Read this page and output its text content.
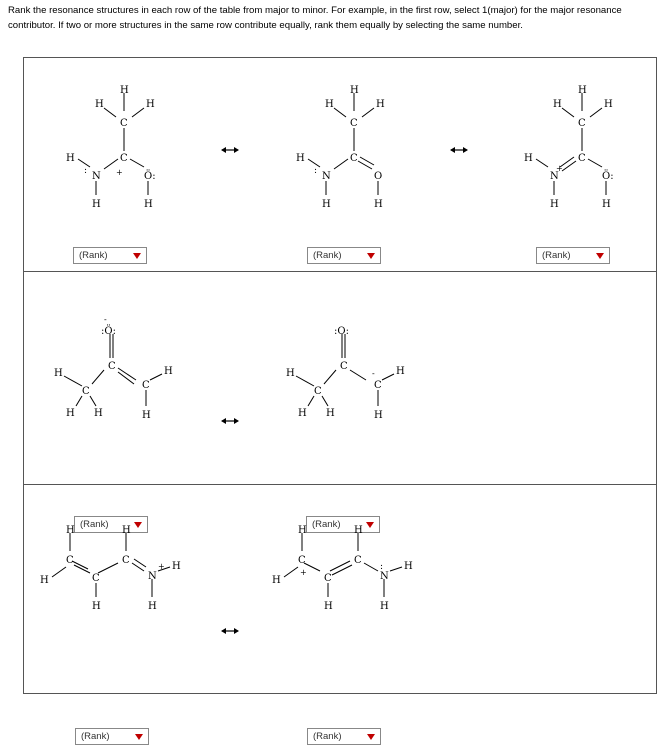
Rank the resonance structures in each row of the table from major to minor. For example, in the first row, select 1(major) for the major resonance contributor. If two or more structures in the same row contribute equally, rank them equally by selecting the same number.
H
H	H
C
C
H
N
:	+ Ö:
H	H
(Rank)
H
H	H
C
C
H
N
:	O
H	H
(Rank)
H
H	H
C
C
H
N
+
Ö:
H	H
(Rank)
:Ö:
-
C
H
C
C
H
H H	H
(Rank)
:O:
C
H
C
C
- H
H H	H
(Rank)
H	H
C	C
H	C	N
+ H
H	H
(Rank)
H	H
C
+
C
H	C	N
: H
H	H
(Rank)
